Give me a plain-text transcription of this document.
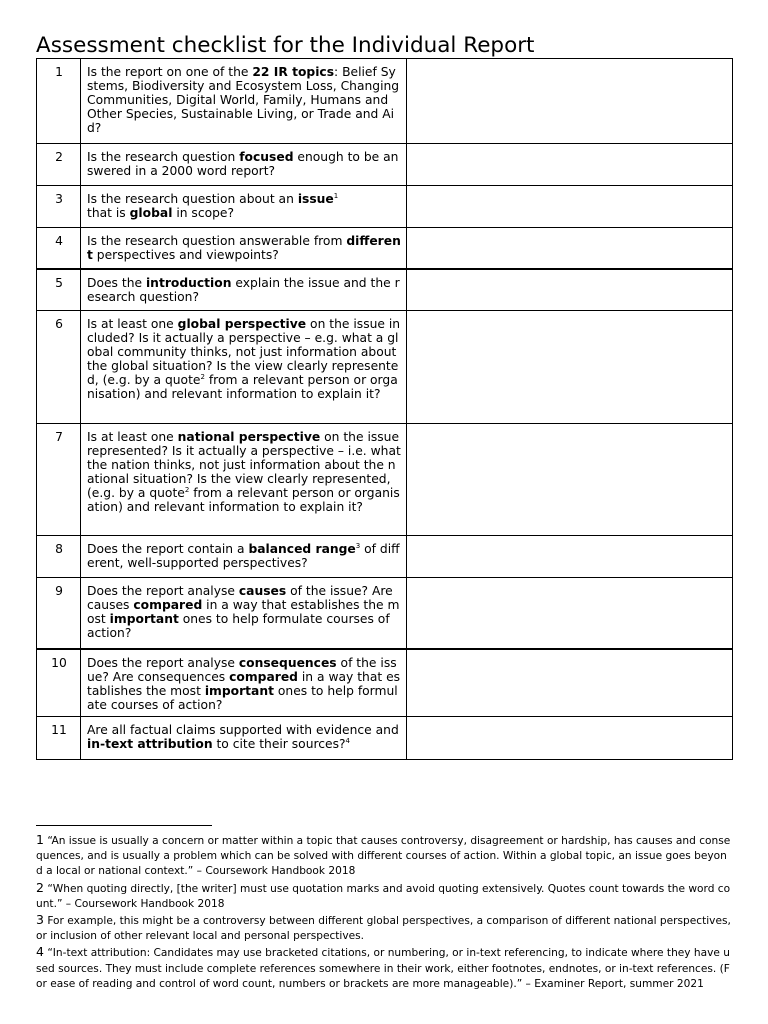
Assessment checklist for the Individual Report
1	Is the report on one of the 22 IR topics: Belief Systems, Biodiversity and Ecosystem Loss, Changing Communities, Digital World, Family, Humans and Other Species, Sustainable Living, or Trade and Aid?	
2	Is the research question focused enough to be answered in a 2000 word report?	
3	Is the research question about an issue$^1$
that is global in scope?	
4	Is the research question answerable from different perspectives and viewpoints?	
5	Does the introduction explain the issue and the research question?	
6	Is at least one global perspective on the issue included? Is it actually a perspective – e.g. what a global community thinks, not just information about the global situation? Is the view clearly represented, (e.g. by a quote$^2$ from a relevant person or organisation) and relevant information to explain it?	
7	Is at least one national perspective on the issue represented? Is it actually a perspective – i.e. what the nation thinks, not just information about the national situation? Is the view clearly represented, (e.g. by a quote$^2$ from a relevant person or organisation) and relevant information to explain it?	
8	Does the report contain a balanced range$^3$ of different, well-supported perspectives?	
9	Does the report analyse causes of the issue? Are causes compared in a way that establishes the most important ones to help formulate courses of action?	
10	Does the report analyse consequences of the issue? Are consequences compared in a way that establishes the most important ones to help formulate courses of action?	
11	Are all factual claims supported with evidence and in-text attribution to cite their sources?$^4$	

1 “An issue is usually a concern or matter within a topic that causes controversy, disagreement or hardship, has causes and consequences, and is usually a problem which can be solved with different courses of action. Within a global topic, an issue goes beyond a local or national context.” – Coursework Handbook 2018

2 “When quoting directly, [the writer] must use quotation marks and avoid quoting extensively. Quotes count towards the word count.” – Coursework Handbook 2018

3 For example, this might be a controversy between different global perspectives, a comparison of different national perspectives, or inclusion of other relevant local and personal perspectives.

4 “In-text attribution: Candidates may use bracketed citations, or numbering, or in-text referencing, to indicate where they have used sources. They must include complete references somewhere in their work, either footnotes, endnotes, or in-text references. (For ease of reading and control of word count, numbers or brackets are more manageable).” – Examiner Report, summer 2021
